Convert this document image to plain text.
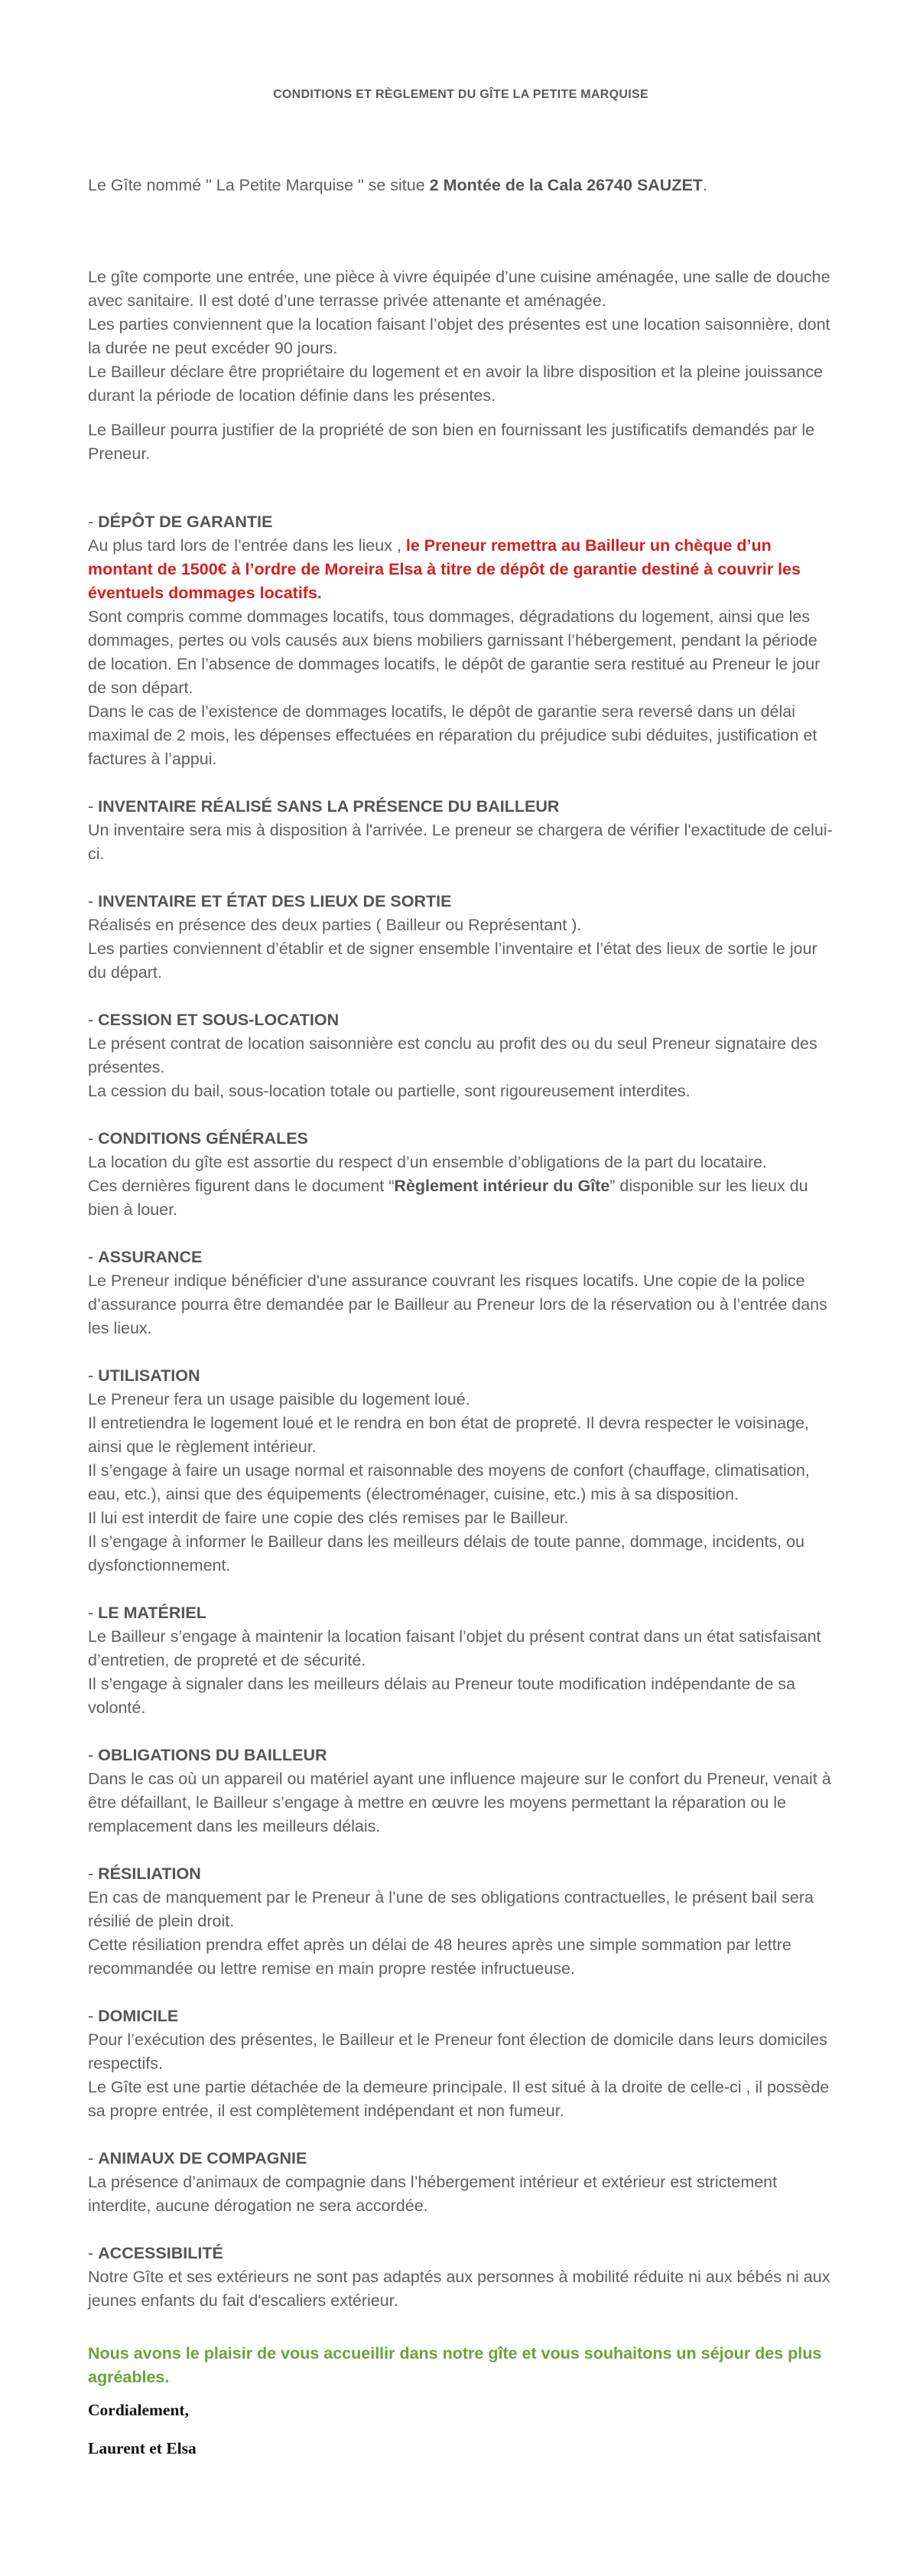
CONDITIONS ET RÈGLEMENT DU GÎTE LA PETITE MARQUISE
Le Gîte nommé " La Petite Marquise " se situe 2 Montée de la Cala 26740 SAUZET.

Le gîte comporte une entrée, une pièce à vivre équipée d’une cuisine aménagée, une salle de douche avec sanitaire. Il est doté d’une terrasse privée attenante et aménagée.

Les parties conviennent que la location faisant l’objet des présentes est une location saisonnière, dont la durée ne peut excéder 90 jours.

Le Bailleur déclare être propriétaire du logement et en avoir la libre disposition et la pleine jouissance durant la période de location définie dans les présentes.

Le Bailleur pourra justifier de la propriété de son bien en fournissant les justificatifs demandés par le Preneur.

- DÉPÔT DE GARANTIE

Au plus tard lors de l’entrée dans les lieux , le Preneur remettra au Bailleur un chèque d’un montant de 1500€ à l’ordre de Moreira Elsa à titre de dépôt de garantie destiné à couvrir les éventuels dommages locatifs.

Sont compris comme dommages locatifs, tous dommages, dégradations du logement, ainsi que les dommages, pertes ou vols causés aux biens mobiliers garnissant l’hébergement, pendant la période de location. En l’absence de dommages locatifs, le dépôt de garantie sera restitué au Preneur le jour de son départ.

Dans le cas de l’existence de dommages locatifs, le dépôt de garantie sera reversé dans un délai maximal de 2 mois, les dépenses effectuées en réparation du préjudice subi déduites, justification et factures à l’appui.

- INVENTAIRE RÉALISÉ SANS LA PRÉSENCE DU BAILLEUR

Un inventaire sera mis à disposition à l'arrivée. Le preneur se chargera de vérifier l'exactitude de celui-ci.

- INVENTAIRE ET ÉTAT DES LIEUX DE SORTIE

Réalisés en présence des deux parties ( Bailleur ou Représentant ).

Les parties conviennent d’établir et de signer ensemble l’inventaire et l’état des lieux de sortie le jour du départ.

- CESSION ET SOUS-LOCATION

Le présent contrat de location saisonnière est conclu au profit des ou du seul Preneur signataire des présentes.

La cession du bail, sous-location totale ou partielle, sont rigoureusement interdites.

- CONDITIONS GÉNÉRALES

La location du gîte est assortie du respect d’un ensemble d’obligations de la part du locataire.

Ces dernières figurent dans le document “Règlement intérieur du Gîte” disponible sur les lieux du bien à louer.

- ASSURANCE

Le Preneur indique bénéficier d'une assurance couvrant les risques locatifs. Une copie de la police d’assurance pourra être demandée par le Bailleur au Preneur lors de la réservation ou à l’entrée dans les lieux.

- UTILISATION

Le Preneur fera un usage paisible du logement loué.

Il entretiendra le logement loué et le rendra en bon état de propreté. Il devra respecter le voisinage, ainsi que le règlement intérieur.

Il s’engage à faire un usage normal et raisonnable des moyens de confort (chauffage, climatisation, eau, etc.), ainsi que des équipements (électroménager, cuisine, etc.) mis à sa disposition.

Il lui est interdit de faire une copie des clés remises par le Bailleur.

Il s’engage à informer le Bailleur dans les meilleurs délais de toute panne, dommage, incidents, ou dysfonctionnement.

- LE MATÉRIEL

Le Bailleur s’engage à maintenir la location faisant l’objet du présent contrat dans un état satisfaisant d’entretien, de propreté et de sécurité.

Il s’engage à signaler dans les meilleurs délais au Preneur toute modification indépendante de sa volonté.

- OBLIGATIONS DU BAILLEUR

Dans le cas où un appareil ou matériel ayant une influence majeure sur le confort du Preneur, venait à être défaillant, le Bailleur s’engage à mettre en œuvre les moyens permettant la réparation ou le remplacement dans les meilleurs délais.

- RÉSILIATION

En cas de manquement par le Preneur à l’une de ses obligations contractuelles, le présent bail sera résilié de plein droit.

Cette résiliation prendra effet après un délai de 48 heures après une simple sommation par lettre recommandée ou lettre remise en main propre restée infructueuse.

- DOMICILE

Pour l’exécution des présentes, le Bailleur et le Preneur font élection de domicile dans leurs domiciles respectifs.

Le Gîte est une partie détachée de la demeure principale. Il est situé à la droite de celle-ci , il possède sa propre entrée, il est complètement indépendant et non fumeur.

- ANIMAUX DE COMPAGNIE

La présence d’animaux de compagnie dans l’hébergement intérieur et extérieur est strictement interdite, aucune dérogation ne sera accordée.

- ACCESSIBILITÉ

Notre Gîte et ses extérieurs ne sont pas adaptés aux personnes à mobilité réduite ni aux bébés ni aux jeunes enfants du fait d'escaliers extérieur.

Nous avons le plaisir de vous accueillir dans notre gîte et vous souhaitons un séjour des plus agréables.
Cordialement,
Laurent et Elsa
